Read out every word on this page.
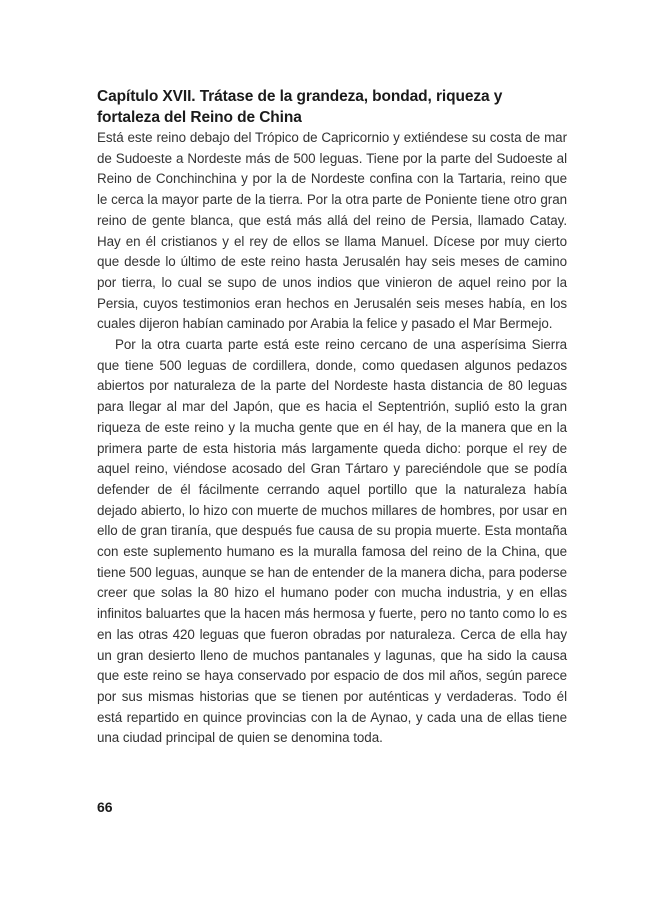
Capítulo XVII. Trátase de la grandeza, bondad, riqueza y
fortaleza del Reino de China

Está este reino debajo del Trópico de Capricornio y extiéndese su costa de mar de Sudoeste a Nordeste más de 500 leguas. Tiene por la parte del Sudoeste al Reino de Conchinchina y por la de Nordeste confina con la Tartaria, reino que le cerca la mayor parte de la tierra. Por la otra parte de Poniente tiene otro gran reino de gente blanca, que está más allá del reino de Persia, llamado Catay. Hay en él cristianos y el rey de ellos se llama Manuel. Dícese por muy cierto que desde lo último de este reino hasta Jerusalén hay seis meses de camino por tierra, lo cual se supo de unos indios que vinieron de aquel reino por la Persia, cuyos testimonios eran hechos en Jerusalén seis meses había, en los cuales dijeron habían caminado por Arabia la felice y pasado el Mar Bermejo.

Por la otra cuarta parte está este reino cercano de una asperísima Sierra que tiene 500 leguas de cordillera, donde, como quedasen algunos pedazos abiertos por naturaleza de la parte del Nordeste hasta distancia de 80 leguas para llegar al mar del Japón, que es hacia el Septentrión, suplió esto la gran riqueza de este reino y la mucha gente que en él hay, de la manera que en la primera parte de esta historia más largamente queda dicho: porque el rey de aquel reino, viéndose acosado del Gran Tártaro y pareciéndole que se podía defender de él fácilmente cerrando aquel portillo que la naturaleza había dejado abierto, lo hizo con muerte de muchos millares de hombres, por usar en ello de gran tiranía, que después fue causa de su propia muerte. Esta montaña con este suplemento humano es la muralla famosa del reino de la China, que tiene 500 leguas, aunque se han de entender de la manera dicha, para poderse creer que solas la 80 hizo el humano poder con mucha industria, y en ellas infinitos baluartes que la hacen más hermosa y fuerte, pero no tanto como lo es en las otras 420 leguas que fueron obradas por naturaleza. Cerca de ella hay un gran desierto lleno de muchos pantanales y lagunas, que ha sido la causa que este reino se haya conservado por espacio de dos mil años, según parece por sus mismas historias que se tienen por auténticas y verdaderas. Todo él está repartido en quince provincias con la de Aynao, y cada una de ellas tiene una ciudad principal de quien se denomina toda.

66
